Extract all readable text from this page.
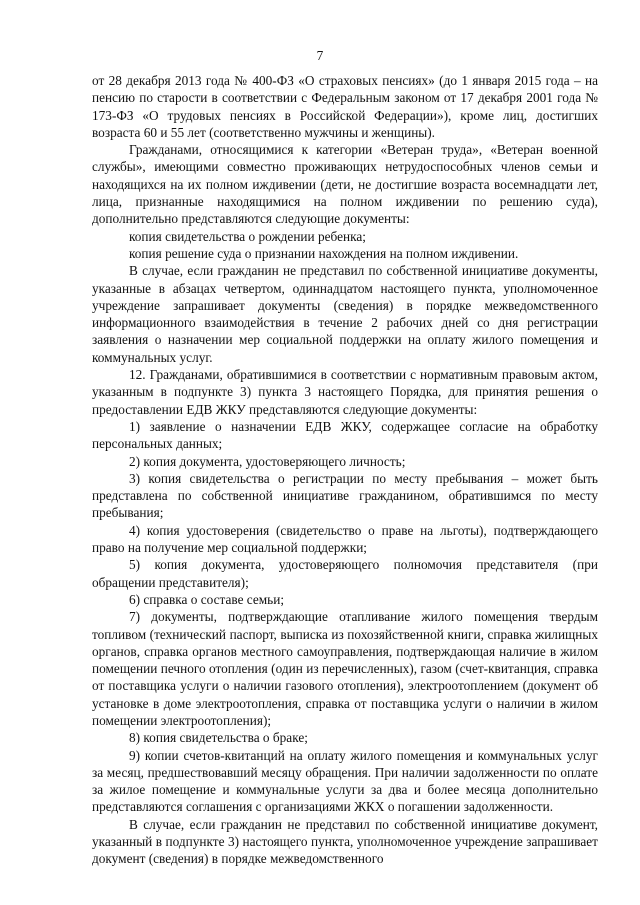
7

от 28 декабря 2013 года № 400-ФЗ «О страховых пенсиях» (до 1 января 2015 года – на пенсию по старости в соответствии с Федеральным законом от 17 декабря 2001 года № 173-ФЗ «О трудовых пенсиях в Российской Федерации»), кроме лиц, достигших возраста 60 и 55 лет (соответственно мужчины и женщины).

Гражданами, относящимися к категории «Ветеран труда», «Ветеран военной службы», имеющими совместно проживающих нетрудоспособных членов семьи и находящихся на их полном иждивении (дети, не достигшие возраста восемнадцати лет, лица, признанные находящимися на полном иждивении по решению суда), дополнительно представляются следующие документы:

копия свидетельства о рождении ребенка;

копия решение суда о признании нахождения на полном иждивении.

В случае, если гражданин не представил по собственной инициативе документы, указанные в абзацах четвертом, одиннадцатом настоящего пункта, уполномоченное учреждение запрашивает документы (сведения) в порядке межведомственного информационного взаимодействия в течение 2 рабочих дней со дня регистрации заявления о назначении мер социальной поддержки на оплату жилого помещения и коммунальных услуг.

12. Гражданами, обратившимися в соответствии с нормативным правовым актом, указанным в подпункте 3) пункта 3 настоящего Порядка, для принятия решения о предоставлении ЕДВ ЖКУ представляются следующие документы:

1) заявление о назначении ЕДВ ЖКУ, содержащее согласие на обработку персональных данных;

2) копия документа, удостоверяющего личность;

3) копия свидетельства о регистрации по месту пребывания – может быть представлена по собственной инициативе гражданином, обратившимся по месту пребывания;

4) копия удостоверения (свидетельство о праве на льготы), подтверждающего право на получение мер социальной поддержки;

5) копия документа, удостоверяющего полномочия представителя (при обращении представителя);

6) справка о составе семьи;

7) документы, подтверждающие отапливание жилого помещения твердым топливом (технический паспорт, выписка из похозяйственной книги, справка жилищных органов, справка органов местного самоуправления, подтверждающая наличие в жилом помещении печного отопления (один из перечисленных), газом (счет-квитанция, справка от поставщика услуги о наличии газового отопления), электроотоплением (документ об установке в доме электроотопления, справка от поставщика услуги о наличии в жилом помещении электроотопления);

8) копия свидетельства о браке;

9) копии счетов-квитанций на оплату жилого помещения и коммунальных услуг за месяц, предшествовавший месяцу обращения. При наличии задолженности по оплате за жилое помещение и коммунальные услуги за два и более месяца дополнительно представляются соглашения с организациями ЖКХ о погашении задолженности.

В случае, если гражданин не представил по собственной инициативе документ, указанный в подпункте 3) настоящего пункта, уполномоченное учреждение запрашивает документ (сведения) в порядке межведомственного
